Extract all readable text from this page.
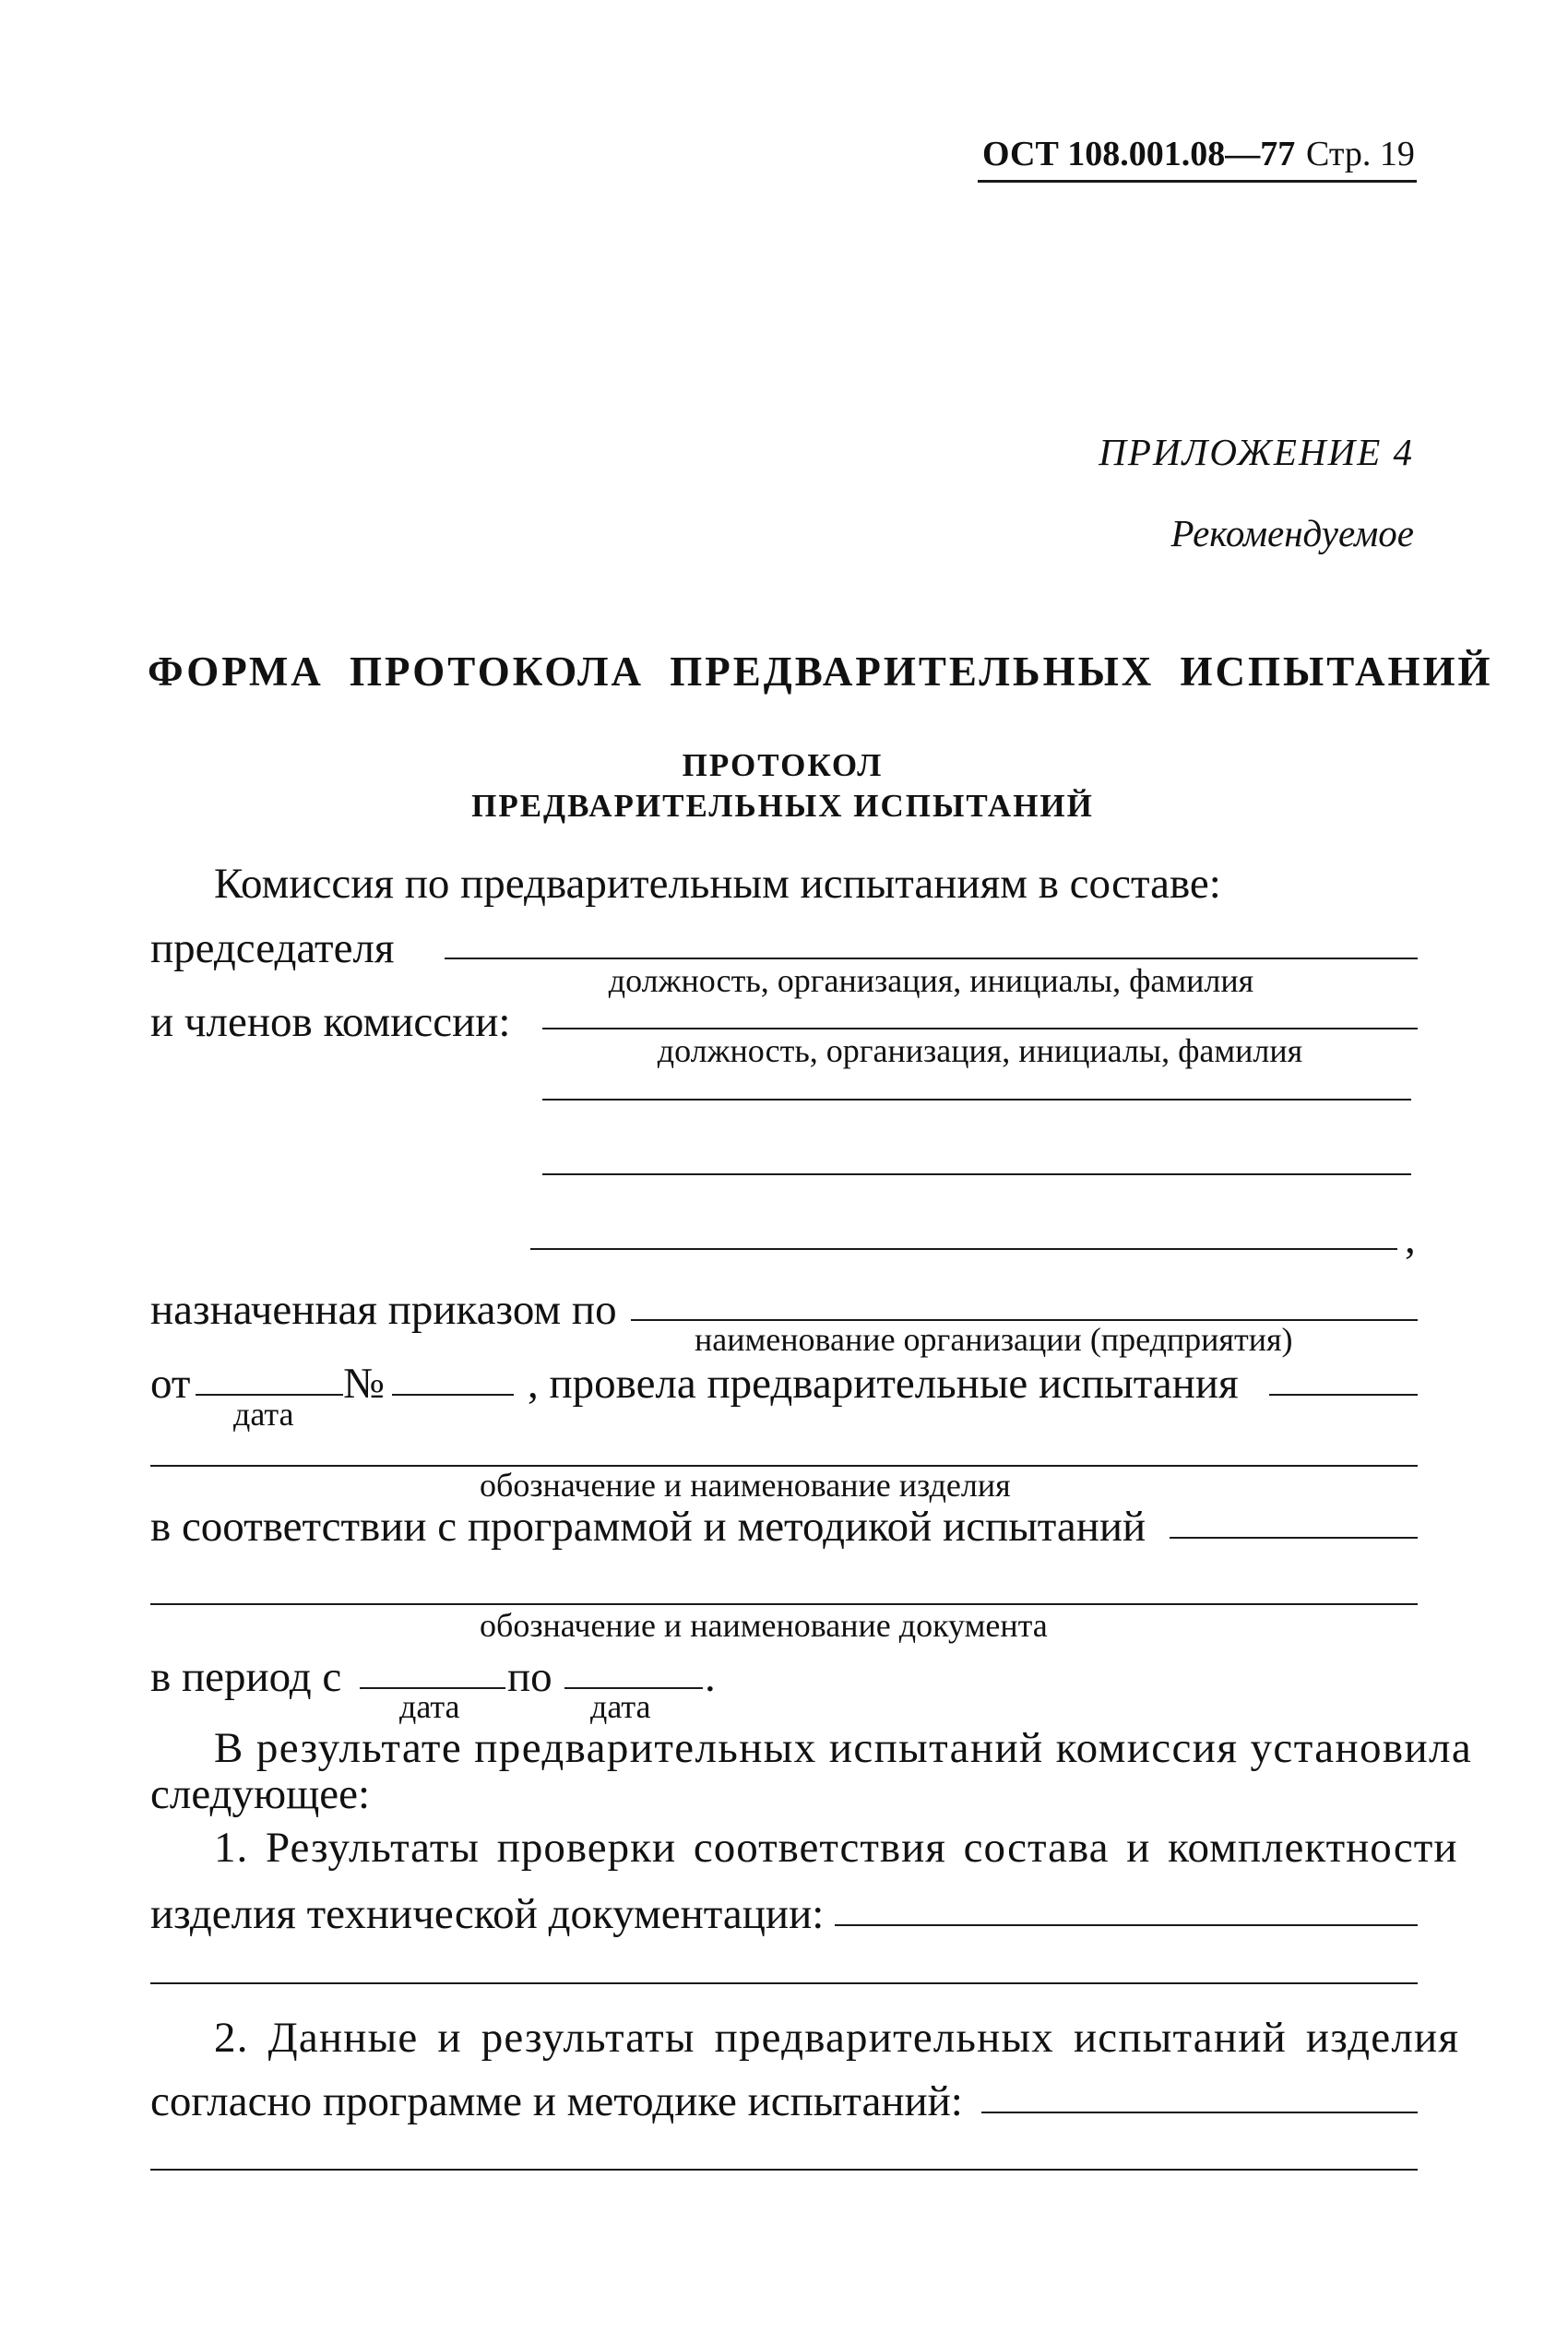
ОСТ 108.001.08—77 Стр. 19
ПРИЛОЖЕНИЕ 4
Рекомендуемое
ФОРМА ПРОТОКОЛА ПРЕДВАРИТЕЛЬНЫХ ИСПЫТАНИЙ
ПРОТОКОЛ
ПРЕДВАРИТЕЛЬНЫХ ИСПЫТАНИЙ
Комиссия по предварительным испытаниям в составе:
председателя
должность, организация, инициалы, фамилия
и членов комиссии:
должность, организация, инициалы, фамилия
,
назначенная приказом по
наименование организации (предприятия)
от	№	, провела предварительные испытания
дата
обозначение и наименование изделия
в соответствии с программой и методикой испытаний
обозначение и наименование документа
в период с	по	.
дата	дата
В результате предварительных испытаний комиссия установила
следующее:
1. Результаты проверки соответствия состава и комплектности
изделия технической документации:
2. Данные и результаты предварительных испытаний изделия
согласно программе и методике испытаний:
